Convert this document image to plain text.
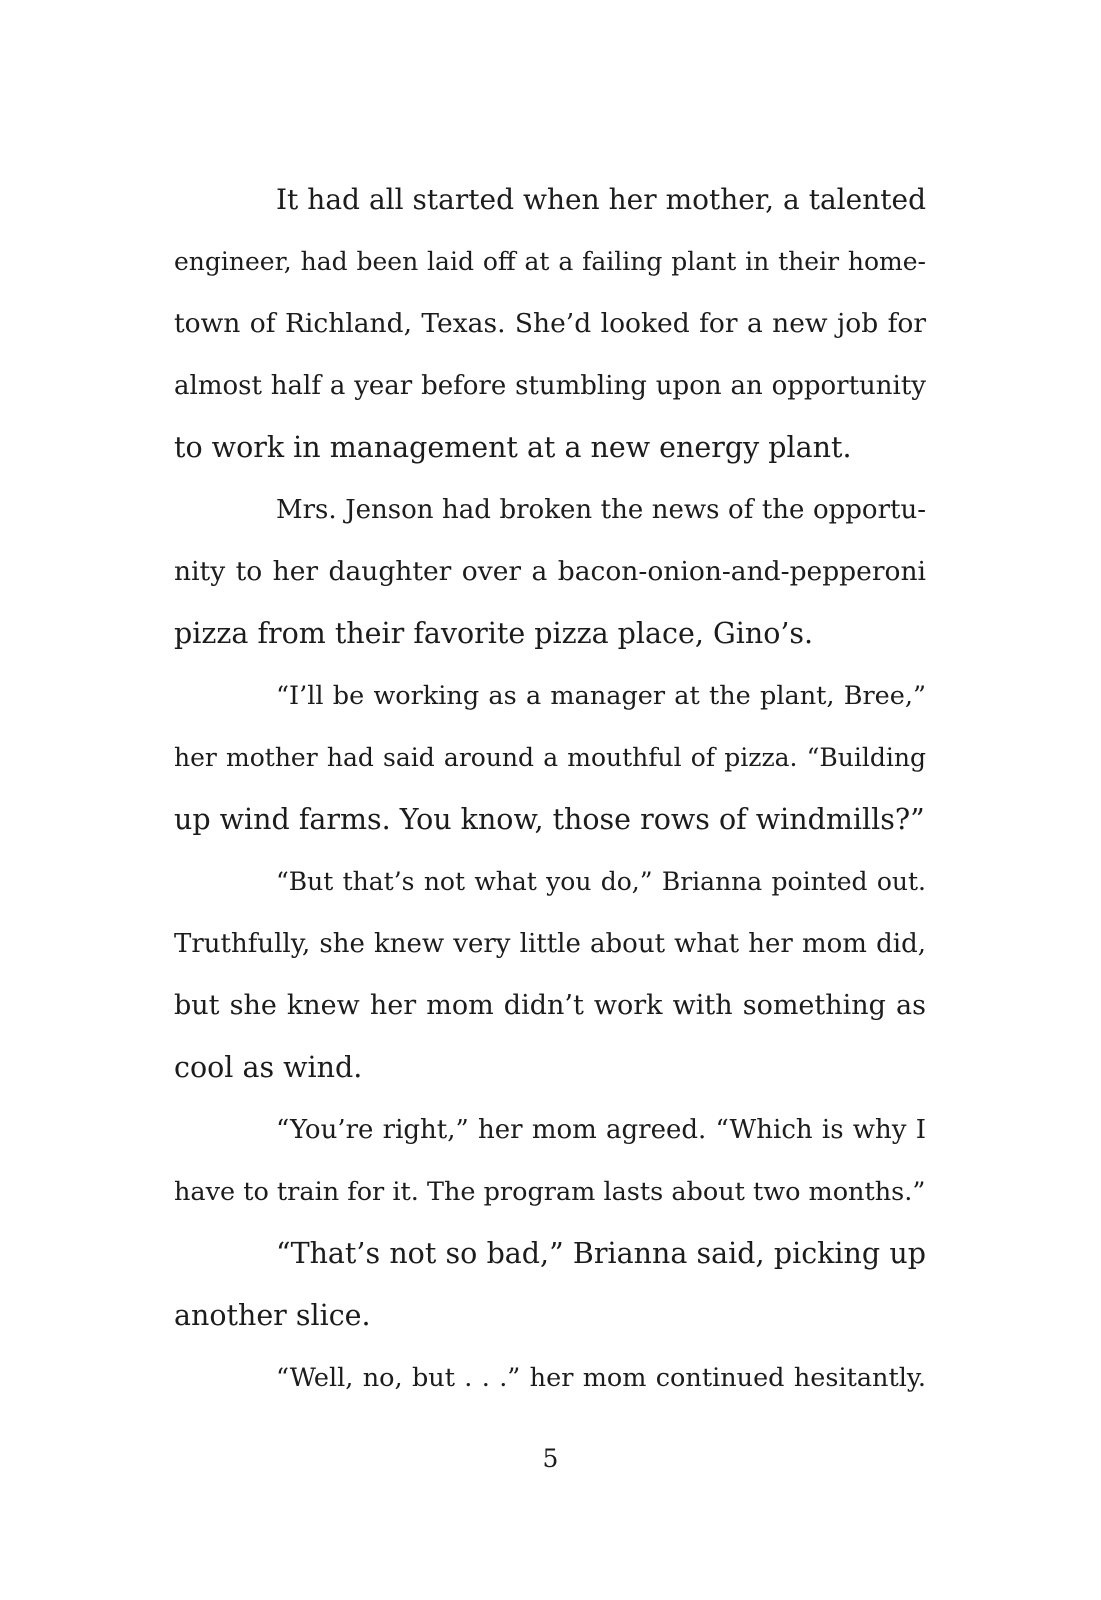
It had all started when her mother, a talented
engineer, had been laid off at a failing plant in their home-
town of Richland, Texas. She’d looked for a new job for
almost half a year before stumbling upon an opportunity
to work in management at a new energy plant.
Mrs. Jenson had broken the news of the opportu-
nity to her daughter over a bacon-onion-and-pepperoni
pizza from their favorite pizza place, Gino’s.
“I’ll be working as a manager at the plant, Bree,”
her mother had said around a mouthful of pizza. “Building
up wind farms. You know, those rows of windmills?”
“But that’s not what you do,” Brianna pointed out.
Truthfully, she knew very little about what her mom did,
but she knew her mom didn’t work with something as
cool as wind.
“You’re right,” her mom agreed. “Which is why I
have to train for it. The program lasts about two months.”
“That’s not so bad,” Brianna said, picking up
another slice.
“Well, no, but . . .” her mom continued hesitantly.
5
